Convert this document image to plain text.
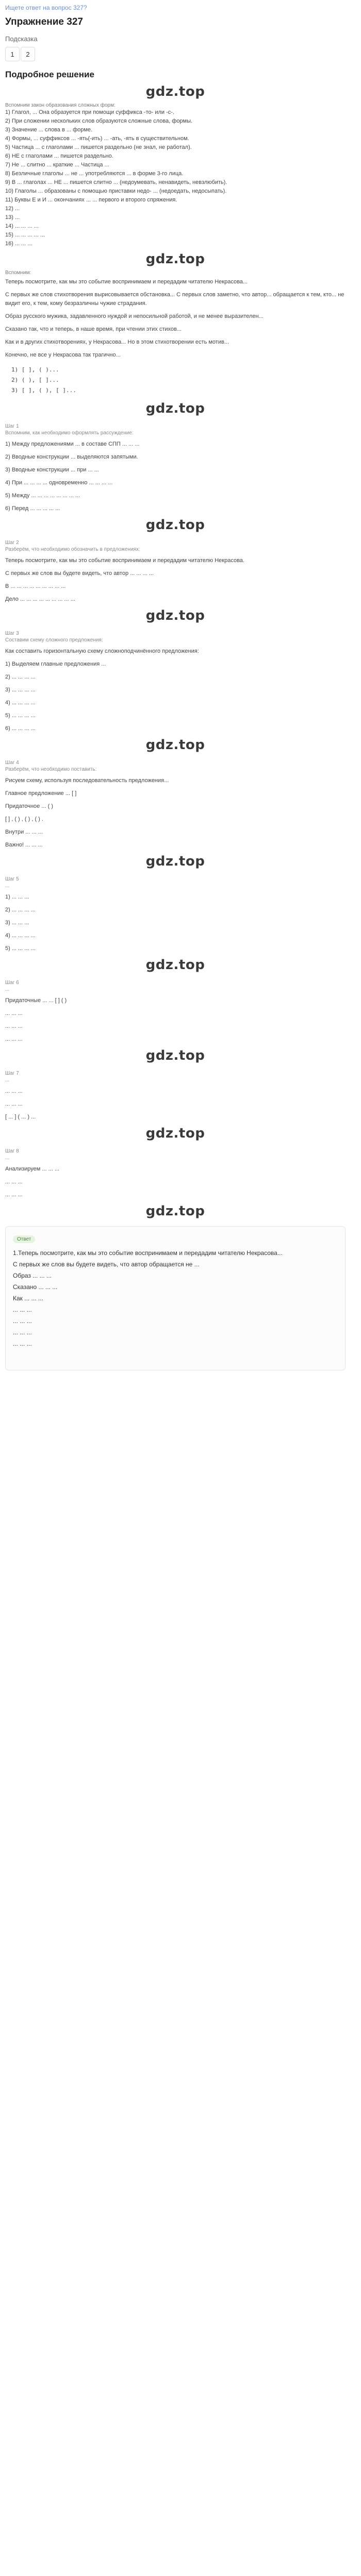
Ищете ответ на вопрос 327?
Упражнение 327
Подсказка
1	2
Подробное решение
gdz.top
Вспомним закон образования сложных форм:

1) Глагол, ... Она образуется при помощи суффикса -то- или -с-.

2) При сложении нескольких слов образуются сложные слова, формы.

3) Значение ... слова в ... форме.

4) Формы, ... суффиксов ... -ять(-ить) ... -ать, -ять в существительном.

5) Частица ... с глаголами ... пишется раздельно (не знал, не работал).

6) НЕ с глаголами ... пишется раздельно.

7) Не ... слитно ... краткие ... Частица ...

8) Безличные глаголы ... не ... употребляются ... в форме 3-го лица.

9) В ... глаголах ... НЕ ... пишется слитно ... (недоумевать, ненавидеть, невзлюбить).

10) Глаголы ... образованы с помощью приставки недо- ... (недоедать, недосыпать).

11) Буквы Е и И ... окончаниях ... ... первого и второго спряжения.

12) ...

13) ...

14) ... ... ... ...

15) ... ... ... ... ...

16) ... ... ...

gdz.top
Вспомним:

Теперь посмотрите, как мы это событие воспринимаем и передадим читателю Некрасова...

С первых же слов стихотворения вырисовывается обстановка... С первых слов заметно, что автор... обращается к тем, кто... не видит его, к тем, кому безразличны чужие страдания.

Образ русского мужика, задавленного нуждой и непосильной работой, и не менее выразителен...

Сказано так, что и теперь, в наше время, при чтении этих стихов...

Как и в других стихотворениях, у Некрасова... Но в этом стихотворении есть мотив...

Конечно, не все у Некрасова так трагично...

1) [ ], ( )...
2) ( ), [ ]...
3) [ ], ( ), [ ]...
gdz.top
Шаг 1
Вспомним, как необходимо оформлять рассуждение:

1) Между предложениями ... в составе СПП ... ... ...

2) Вводные конструкции ... выделяются запятыми.

3) Вводные конструкции ... при ... ...

4) При ... ... ... ... одновременно ... ... ... ...

5) Между ... ... ... ... ... ... ... ...

6) Перед ... ... ... ... ...

gdz.top
Шаг 2
Разберём, что необходимо обозначить в предложениях:

Теперь посмотрите, как мы это событие воспринимаем и передадим читателю Некрасова.

С первых же слов вы будете видеть, что автор ... ... ... ...

В ... ... ... ... ... ... ... ... ...

Дело ... ... ... ... ... ... ... ... ...

gdz.top
Шаг 3
Составим схему сложного предложения:

Как составить горизонтальную схему сложноподчинённого предложения:

1) Выделяем главные предложения ...

2) ... ... ... ...

3) ... ... ... ...

4) ... ... ... ...

5) ... ... ... ...

6) ... ... ... ...

gdz.top
Шаг 4
Разберём, что необходимо поставить:

Рисуем схему, используя последовательность предложения...

Главное предложение ... [ ]

Придаточное ... ( )

[ ] , ( ) , ( ) , ( ) .

Внутри ... ... ...

Важно! ... ... ...

gdz.top
Шаг 5
...

1) ... ... ...

2) ... ... ... ...

3) ... ... ...

4) ... ... ... ...

5) ... ... ... ...

gdz.top
Шаг 6
...

Придаточные ... ... [ ] ( )

... ... ...

... ... ...

... ... ...

gdz.top
Шаг 7
...

... ... ...

... ... ...

[ ... ] ( ... ) ...

gdz.top
Шаг 8
...

Анализируем ... ... ...

... ... ...

... ... ...

gdz.top
Ответ

1.Теперь посмотрите, как мы это событие воспринимаем и передадим читателю Некрасова...

С первых же слов вы будете видеть, что автор обращается не ...

Образ ... ... ...

Сказано ... ... ...

Как ... ... ...

... ... ...

... ... ...

... ... ...

... ... ...
